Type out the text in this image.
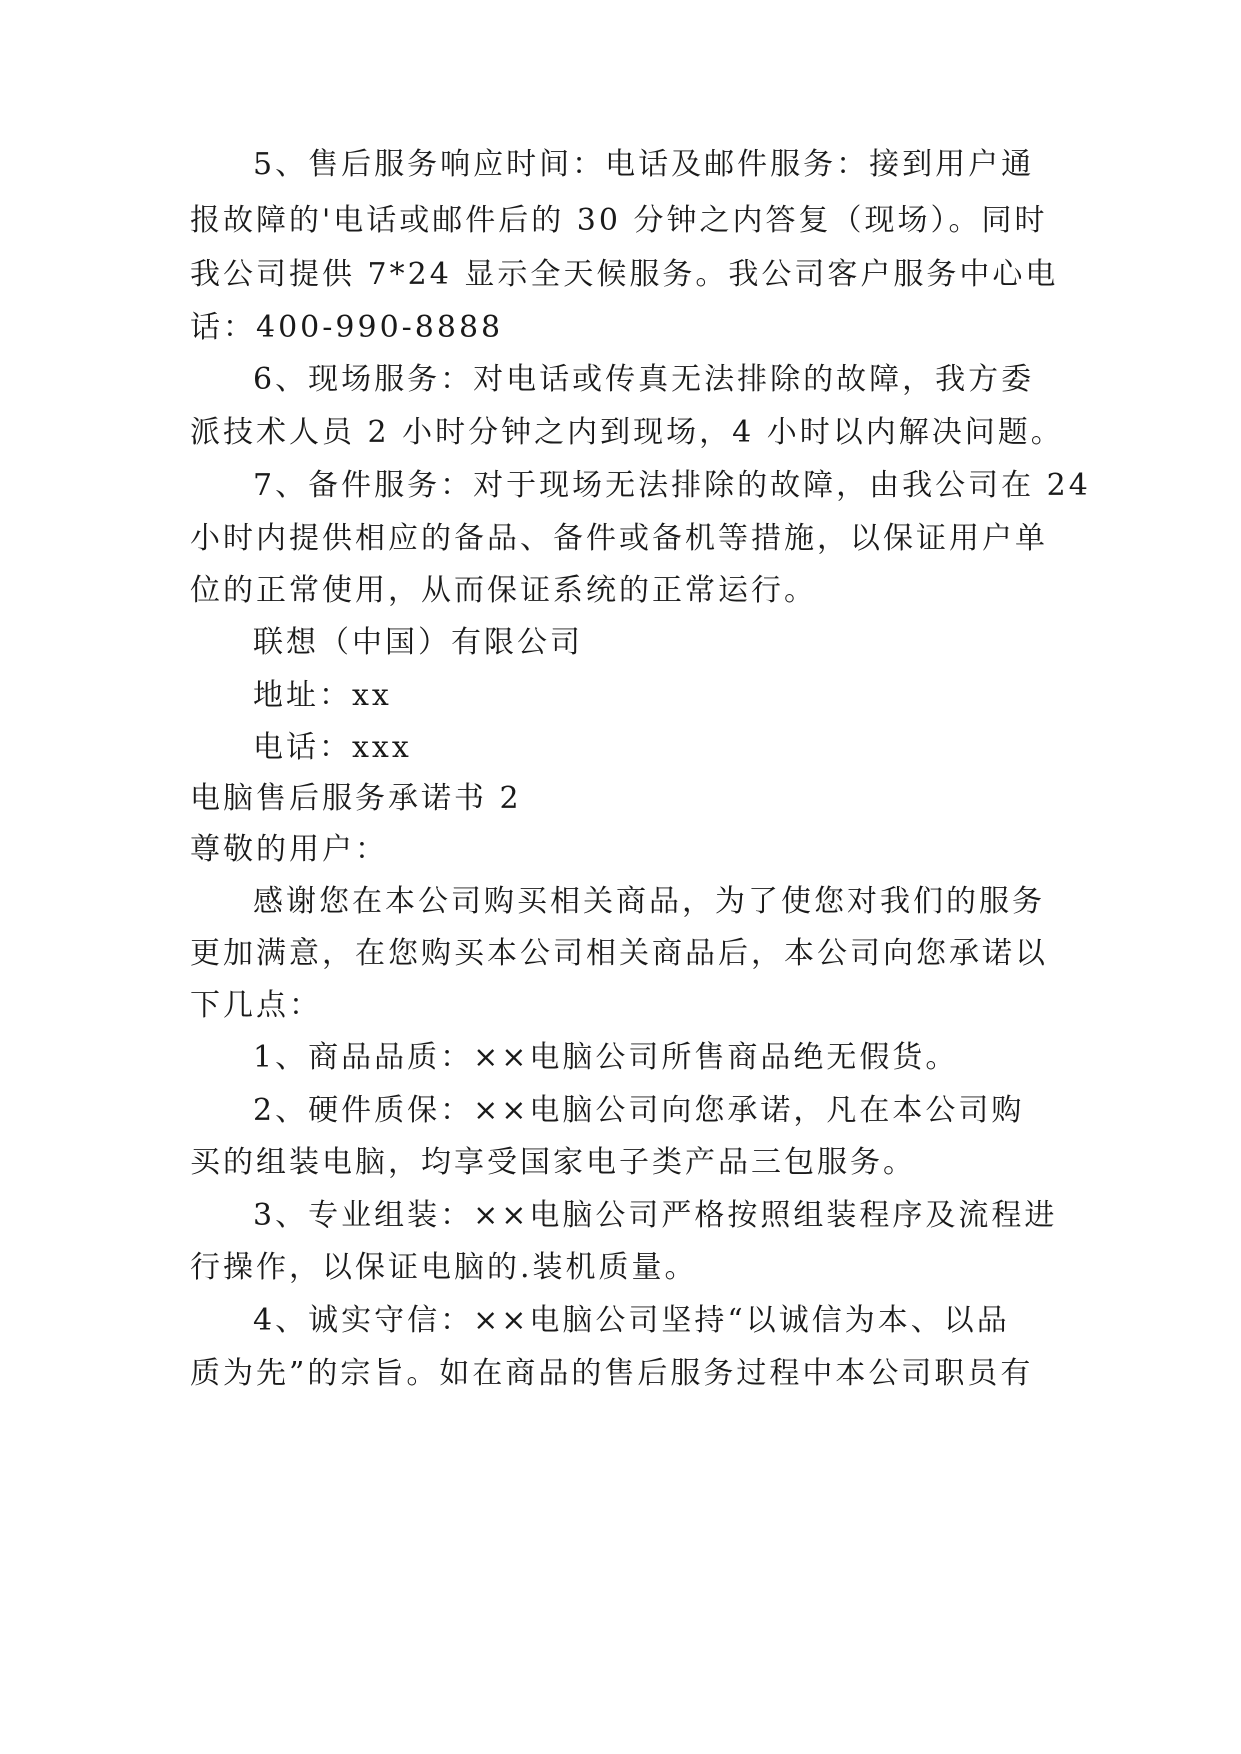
5、售后服务响应时间：电话及邮件服务：接到用户通
报故障的'电话或邮件后的 30 分钟之内答复（现场）。同时
我公司提供 7*24 显示全天候服务。我公司客户服务中心电
话：400-990-8888
6、现场服务：对电话或传真无法排除的故障，我方委
派技术人员 2 小时分钟之内到现场，4 小时以内解决问题。
7、备件服务：对于现场无法排除的故障，由我公司在 24
小时内提供相应的备品、备件或备机等措施，以保证用户单
位的正常使用，从而保证系统的正常运行。
联想（中国）有限公司
地址：xx
电话：xxx
电脑售后服务承诺书 2
尊敬的用户：
感谢您在本公司购买相关商品，为了使您对我们的服务
更加满意，在您购买本公司相关商品后，本公司向您承诺以
下几点：
1、商品品质：××电脑公司所售商品绝无假货。
2、硬件质保：××电脑公司向您承诺，凡在本公司购
买的组装电脑，均享受国家电子类产品三包服务。
3、专业组装：××电脑公司严格按照组装程序及流程进
行操作，以保证电脑的.装机质量。
4、诚实守信：××电脑公司坚持“以诚信为本、以品
质为先”的宗旨。如在商品的售后服务过程中本公司职员有
